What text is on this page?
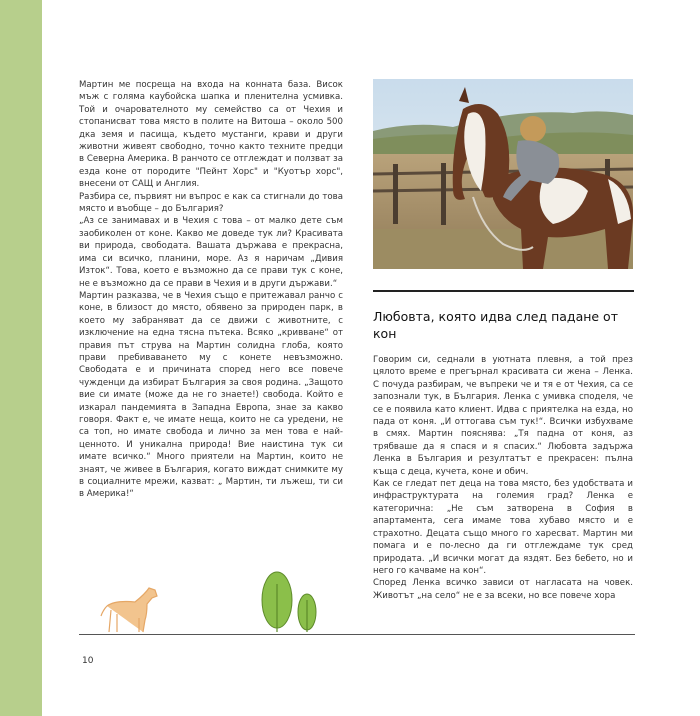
Мартин ме посреща на входа на конната база. Висок мъж с голяма каубойска шапка и пленителна усмивка. Той и очарователното му семейство са от Чехия и стопанисват това място в полите на Витоша – около 500 дка земя и пасища, където мустанги, крави и други животни живеят свободно, точно както техните предци в Северна Америка. В ранчото се отглеждат и ползват за езда коне от породите "Пейнт Хорс" и "Куотър хорс", внесени от САЩ и Англия.

Разбира се, първият ни въпрос е как са стигнали до това място и въобще – до България?

„Аз се занимавах и в Чехия с това – от малко дете съм заобиколен от коне. Какво ме доведе тук ли? Красивата ви природа, свободата. Вашата държава е прекрасна, има си всичко, планини, море. Аз я наричам „Дивия Изток“. Това, което е възможно да се прави тук с коне, не е възможно да се прави в Чехия и в други държави.“

Мартин разказва, че в Чехия също е притежавал ранчо с коне, в близост до място, обявено за природен парк, в което му забраняват да се движи с животните, с изключение на една тясна пътека. Всяко „кривване“ от правия път струва на Мартин солидна глоба, която прави пребиваването му с конете невъзможно. Свободата е и причината според него все повече чужденци да избират България за своя родина. „Защото вие си имате (може да не го знаете!) свобода. Който е изкарал пандемията в Западна Европа, знае за какво говоря. Факт е, че имате неща, които не са уредени, не са топ, но имате свобода и лично за мен това е най-ценното. И уникална природа! Вие наистина тук си имате всичко.“ Много приятели на Мартин, които не знаят, че живее в България, когато виждат снимките му в социалните мрежи, казват: „ Мартин, ти лъжеш, ти си в Америка!“

Любовта, която идва след падане от кон

Говорим си, седнали в уютната плевня, а той през цялото време е прегърнал красивата си жена – Ленка. С почуда разбирам, че въпреки че и тя е от Чехия, са се запознали тук, в България. Ленка с умивка споделя, че се е появила като клиент. Идва с приятелка на езда, но пада от коня. „И оттогава съм тук!“. Всички избухваме в смях. Мартин пояснява: „Тя падна от коня, аз трябваше да я спася и я спасих.“ Любовта задържа Ленка в България и резултатът е прекрасен: пълна къща с деца, кучета, коне и обич.

Как се гледат пет деца на това място, без удобствата и инфраструктурата на големия град? Ленка е категорична: „Не съм затворена в София в апартамента, сега имаме това хубаво място и е страхотно. Децата също много го харесват. Мартин ми помага и е по-лесно да ги отглеждаме тук сред природата. „И всички могат да яздят. Без бебето, но и него го качваме на кон“.

Според Ленка всичко зависи от нагласата на човек. Животът „на село“ не е за всеки, но все повече хора

10
